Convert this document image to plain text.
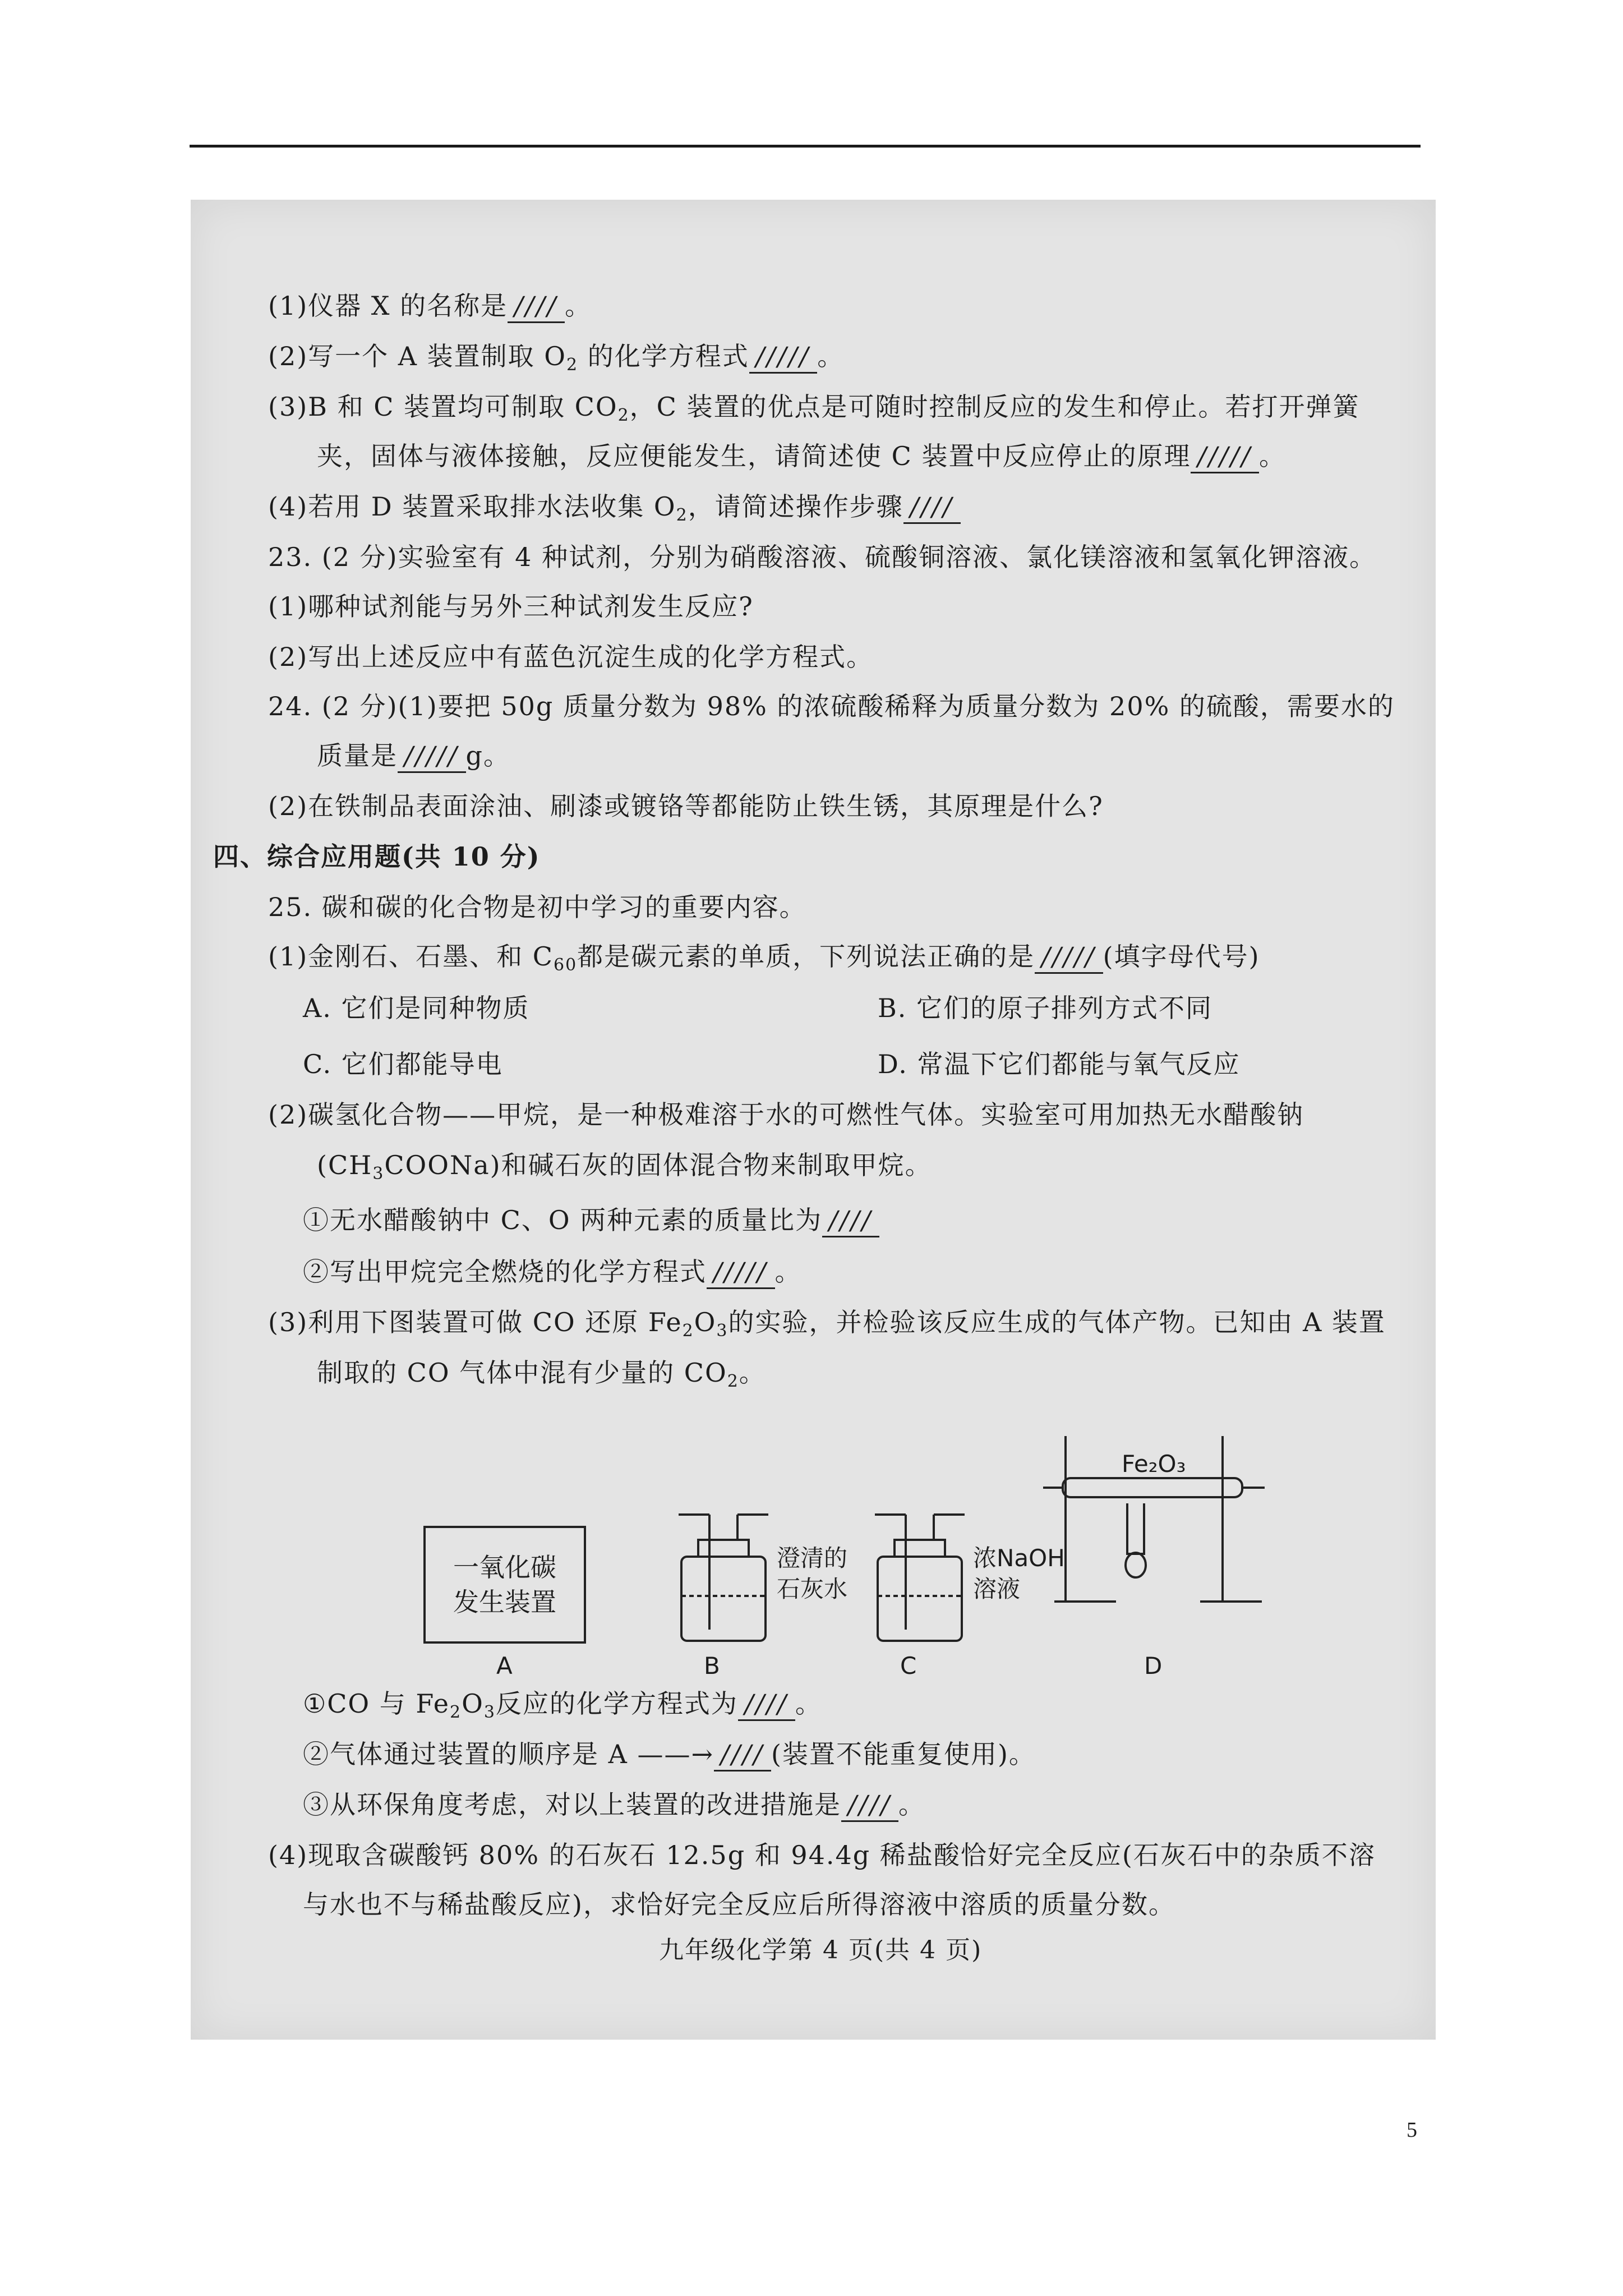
(1)仪器 X 的名称是 //// 。
(2)写一个 A 装置制取 $O_2$ 的化学方程式 ///// 。
(3)B 和 C 装置均可制取 $CO_2$，C 装置的优点是可随时控制反应的发生和停止。若打开弹簧
夹，固体与液体接触，反应便能发生，请简述使 C 装置中反应停止的原理 ///// 。
(4)若用 D 装置采取排水法收集 $O_2$，请简述操作步骤 ////
23. (2 分)实验室有 4 种试剂，分别为硝酸溶液、硫酸铜溶液、氯化镁溶液和氢氧化钾溶液。
(1)哪种试剂能与另外三种试剂发生反应?
(2)写出上述反应中有蓝色沉淀生成的化学方程式。
24. (2 分)(1)要把 50g 质量分数为 98% 的浓硫酸稀释为质量分数为 20% 的硫酸，需要水的
质量是 ///// g。
(2)在铁制品表面涂油、刷漆或镀铬等都能防止铁生锈，其原理是什么?
四、综合应用题(共 10 分)
25. 碳和碳的化合物是初中学习的重要内容。
(1)金刚石、石墨、和 $C_{60}$都是碳元素的单质，下列说法正确的是 ///// (填字母代号)
A. 它们是同种物质	B. 它们的原子排列方式不同
C. 它们都能导电	D. 常温下它们都能与氧气反应
(2)碳氢化合物——甲烷，是一种极难溶于水的可燃性气体。实验室可用加热无水醋酸钠
$(CH_3COONa)$和碱石灰的固体混合物来制取甲烷。
①无水醋酸钠中 C、O 两种元素的质量比为 ////
②写出甲烷完全燃烧的化学方程式 ///// 。
(3)利用下图装置可做 CO 还原 $Fe_2O_3$的实验，并检验该反应生成的气体产物。已知由 A 装置
制取的 CO 气体中混有少量的 $CO_2$。
一氧化碳
发生装置
澄清的
石灰水
浓NaOH
溶液
Fe₂O₃
A	B	C	D
①CO 与 $Fe_2O_3$反应的化学方程式为 //// 。
②气体通过装置的顺序是 A ——→ //// (装置不能重复使用)。
③从环保角度考虑，对以上装置的改进措施是 //// 。
(4)现取含碳酸钙 80% 的石灰石 12.5g 和 94.4g 稀盐酸恰好完全反应(石灰石中的杂质不溶
与水也不与稀盐酸反应)，求恰好完全反应后所得溶液中溶质的质量分数。
九年级化学第 4 页(共 4 页)
5
